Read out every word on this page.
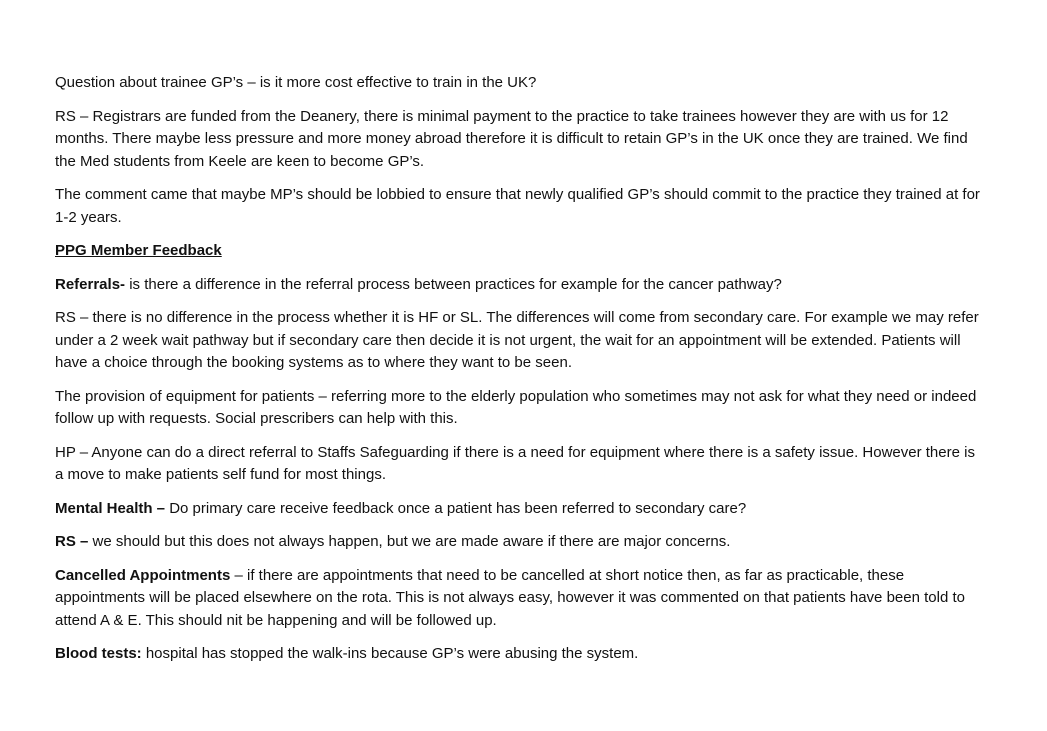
Question about trainee GP’s – is it more cost effective to train in the UK?

RS – Registrars are funded from the Deanery, there is minimal payment to the practice to take trainees however they are with us for 12 months. There maybe less pressure and more money abroad therefore it is difficult to retain GP’s in the UK once they are trained. We find the Med students from Keele are keen to become GP’s.

The comment came that maybe MP’s should be lobbied to ensure that newly qualified GP’s should commit to the practice they trained at for 1-2 years.

PPG Member Feedback

Referrals- is there a difference in the referral process between practices for example for the cancer pathway?

RS – there is no difference in the process whether it is HF or SL. The differences will come from secondary care. For example we may refer under a 2 week wait pathway but if secondary care then decide it is not urgent, the wait for an appointment will be extended. Patients will have a choice through the booking systems as to where they want to be seen.

The provision of equipment for patients – referring more to the elderly population who sometimes may not ask for what they need or indeed follow up with requests. Social prescribers can help with this.

HP – Anyone can do a direct referral to Staffs Safeguarding if there is a need for equipment where there is a safety issue. However there is a move to make patients self fund for most things.

Mental Health – Do primary care receive feedback once a patient has been referred to secondary care?

RS – we should but this does not always happen, but we are made aware if there are major concerns.

Cancelled Appointments – if there are appointments that need to be cancelled at short notice then, as far as practicable, these appointments will be placed elsewhere on the rota. This is not always easy, however it was commented on that patients have been told to attend A & E. This should nit be happening and will be followed up.

Blood tests: hospital has stopped the walk-ins because GP’s were abusing the system.
